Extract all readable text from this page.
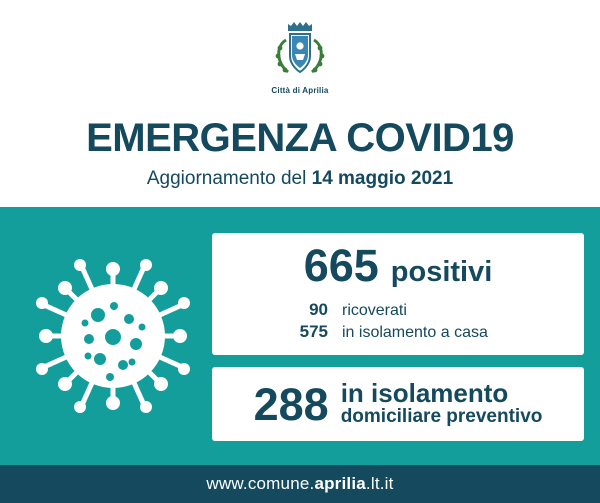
Città di Aprilia
EMERGENZA COVID19
Aggiornamento del 14 maggio 2021
665 positivi
90 ricoverati
575 in isolamento a casa
288 in isolamento
domiciliare preventivo
www.comune.aprilia.lt.it
